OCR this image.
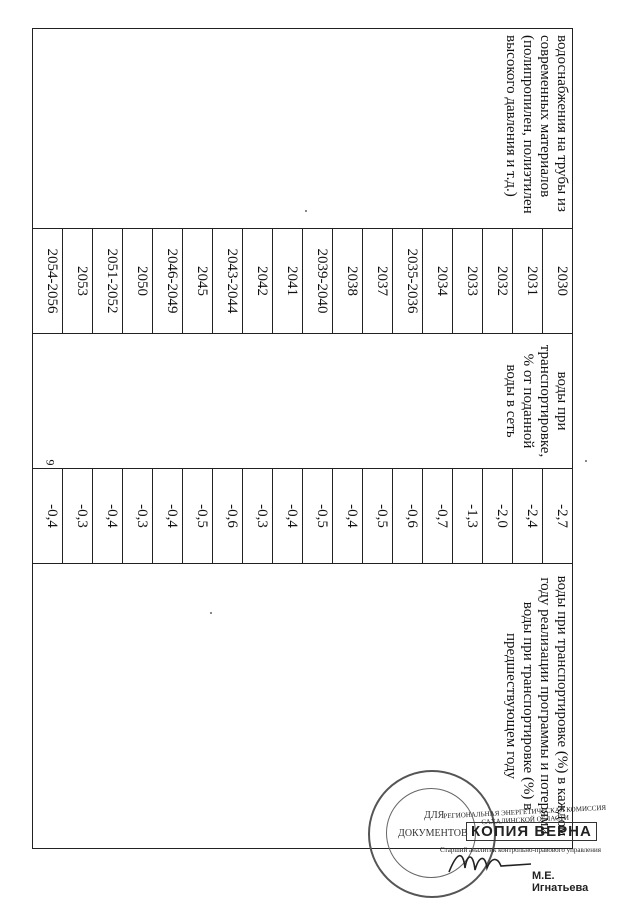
9
водоснабжения на трубы из современных материалов (полипропилен, полиэтилен высокого давления и т.д.)	2030	воды при транспортировке, % от поданной воды в сеть	-2,7	воды при транспортировке (%) в каждом году реализации программы и потерями воды при транспортировке (%) в предшествующем году
	2031		-2,4	
	2032		-2,0	
	2033		-1,3	
	2034		-0,7	
	2035-2036		-0,6	
	2037		-0,5	
	2038		-0,4	
	2039-2040		-0,5	
	2041		-0,4	
	2042		-0,3	
	2043-2044		-0,6	
	2045		-0,5	
	2046-2049		-0,4	
	2050		-0,3	
	2051-2052		-0,4	
	2053		-0,3	
	2054-2056		-0,4	
ДЛЯ
ДОКУМЕНТОВ
РЕГИОНАЛЬНАЯ ЭНЕРГЕТИЧЕСКАЯ КОМИССИЯ САХАЛИНСКОЙ ОБЛАСТИ
КОПИЯ ВЕРНА
Старший аналитик контрольно-правового управления
М.Е. Игнатьева
